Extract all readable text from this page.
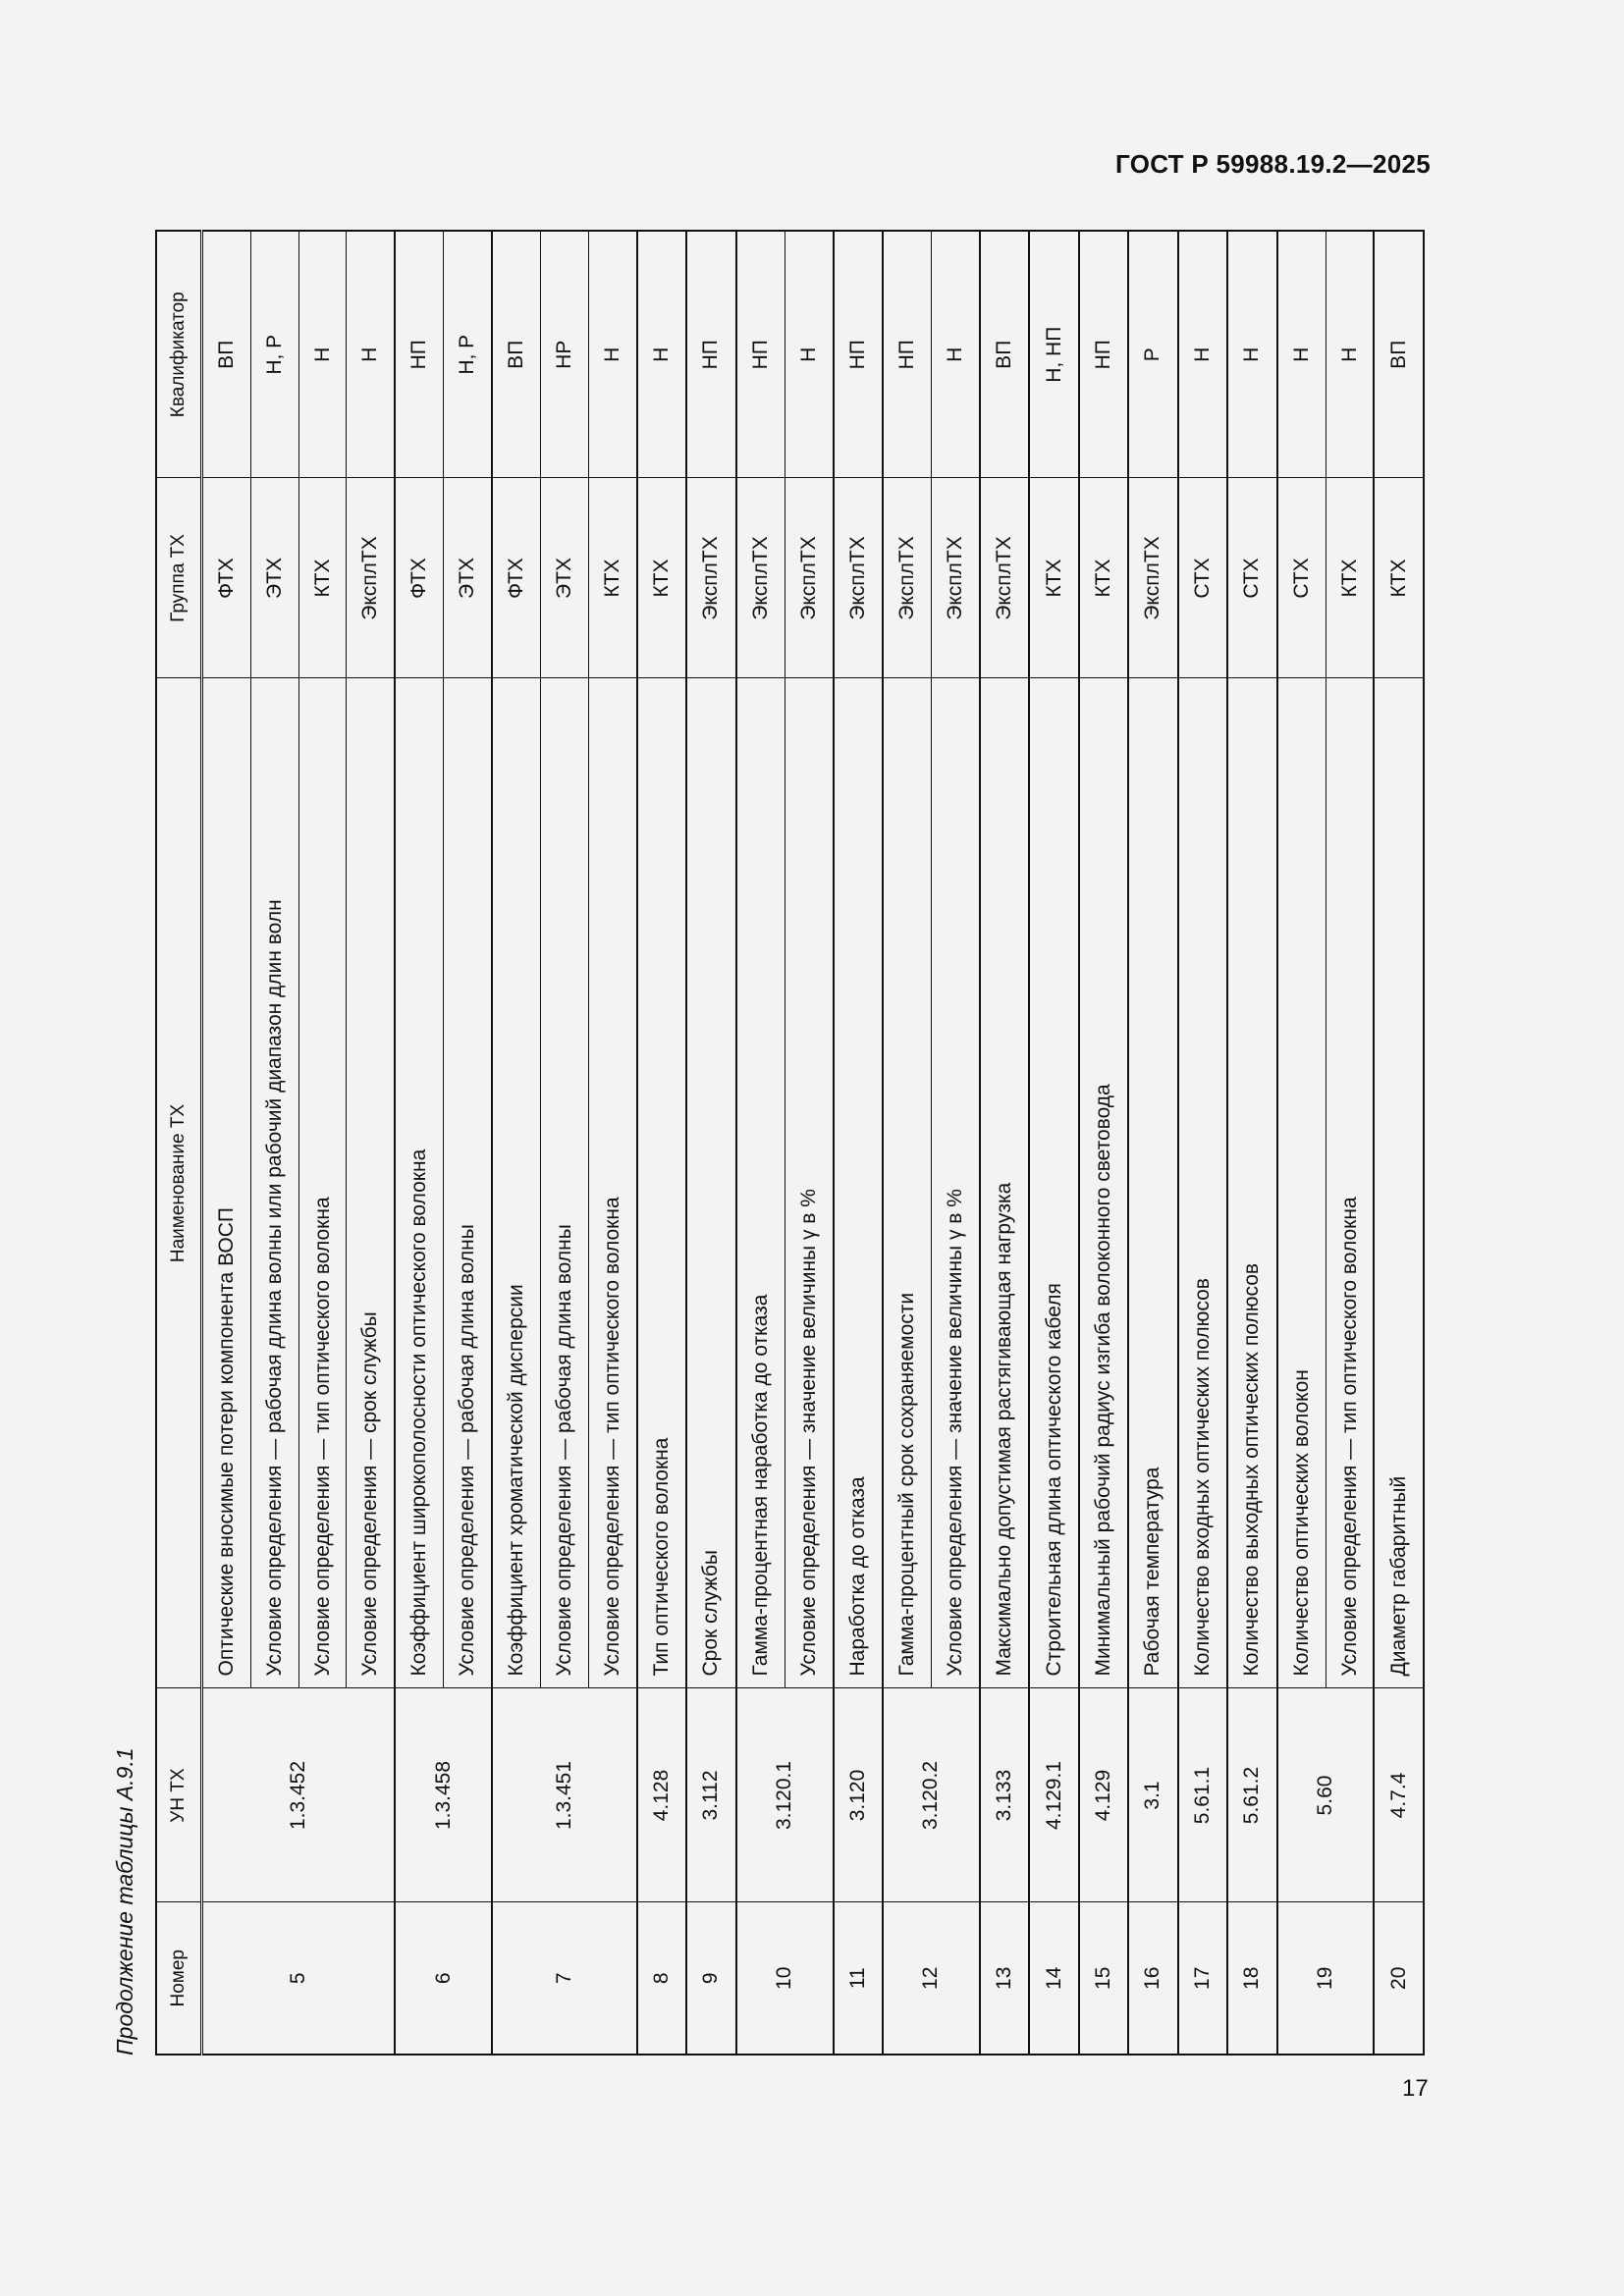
ГОСТ Р 59988.19.2—2025
Продолжение таблицы А.9.1 Номер	УН ТХ	Наименование ТХ	Группа ТХ	Квалификатор
5	1.3.452	Оптические вносимые потери компонента ВОСП	ФТХ	ВП
		Условие определения — рабочая длина волны или рабочий диапазон длин волн	ЭТХ	Н, Р
		Условие определения — тип оптического волокна	КТХ	Н
		Условие определения — срок службы	ЭксплТХ	Н
6	1.3.458	Коэффициент широкополосности оптического волокна	ФТХ	НП
		Условие определения — рабочая длина волны	ЭТХ	Н, Р
7	1.3.451	Коэффициент хроматической дисперсии	ФТХ	ВП
		Условие определения — рабочая длина волны	ЭТХ	НР
		Условие определения — тип оптического волокна	КТХ	Н
8	4.128	Тип оптического волокна	КТХ	Н
9	3.112	Срок службы	ЭксплТХ	НП
10	3.120.1	Гамма-процентная наработка до отказа	ЭксплТХ	НП
		Условие определения — значение величины γ в %	ЭксплТХ	Н
11	3.120	Наработка до отказа	ЭксплТХ	НП
12	3.120.2	Гамма-процентный срок сохраняемости	ЭксплТХ	НП
		Условие определения — значение величины γ в %	ЭксплТХ	Н
13	3.133	Максимально допустимая растягивающая нагрузка	ЭксплТХ	ВП
14	4.129.1	Строительная длина оптического кабеля	КТХ	Н, НП
15	4.129	Минимальный рабочий радиус изгиба волоконного световода	КТХ	НП
16	3.1	Рабочая температура	ЭксплТХ	Р
17	5.61.1	Количество входных оптических полюсов	СТХ	Н
18	5.61.2	Количество выходных оптических полюсов	СТХ	Н
19	5.60	Количество оптических волокон	СТХ	Н
		Условие определения — тип оптического волокна	КТХ	Н
20	4.7.4	Диаметр габаритный	КТХ	ВП
17
